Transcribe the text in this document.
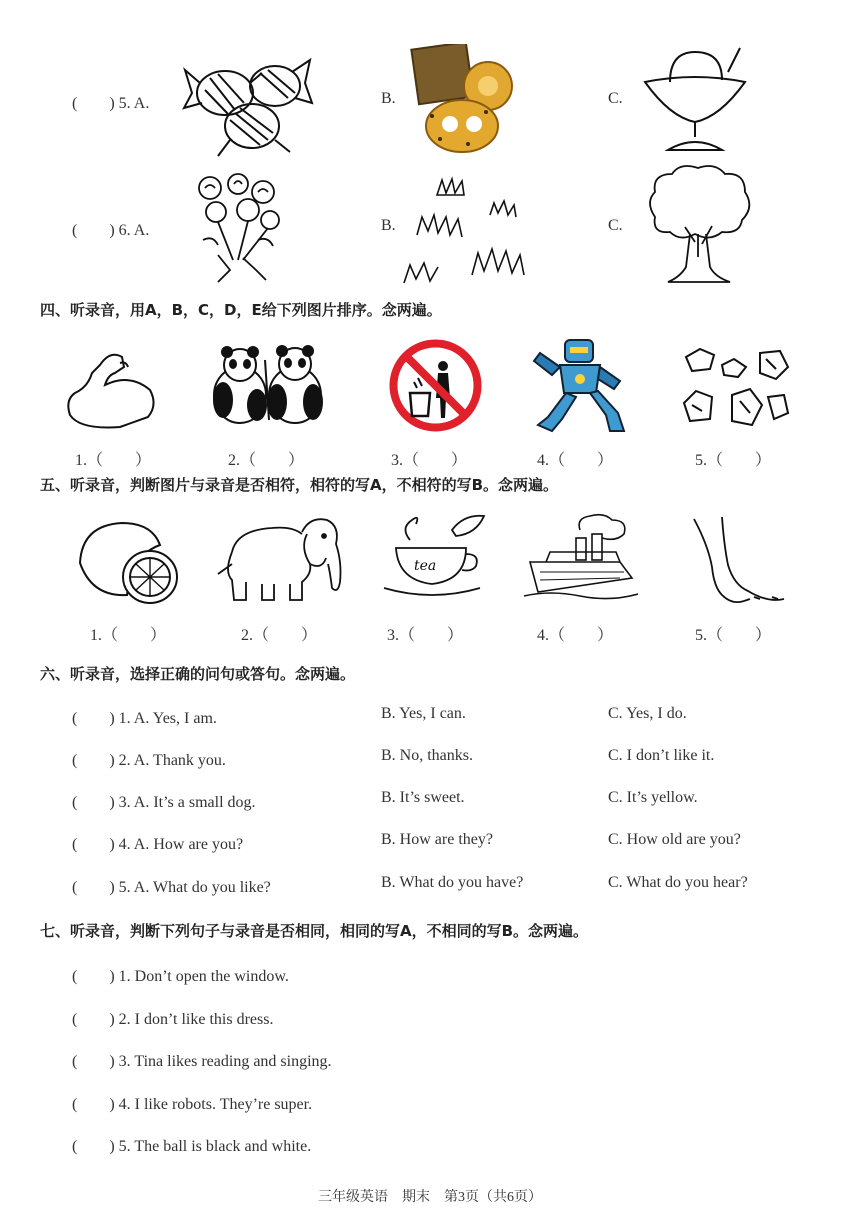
(　　) 5. A.	B.	C.
(　　) 6. A.	B.	C.
四、听录音，用A，B，C，D，E给下列图片排序。念两遍。
1.（　　）	2.（　　）	3.（　　）	4.（　　）	5.（　　）
五、听录音，判断图片与录音是否相符，相符的写A，不相符的写B。念两遍。
tea
1.（　　）	2.（　　）	3.（　　）	4.（　　）	5.（　　）
六、听录音，选择正确的问句或答句。念两遍。
(　　) 1. A. Yes, I am.	B. Yes, I can.	C. Yes, I do.
(　　) 2. A. Thank you.	B. No, thanks.	C. I don’t like it.
(　　) 3. A. It’s a small dog.	B. It’s sweet.	C. It’s yellow.
(　　) 4. A. How are you?	B. How are they?	C. How old are you?
(　　) 5. A. What do you like?	B. What do you have?	C. What do you hear?
七、听录音，判断下列句子与录音是否相同，相同的写A，不相同的写B。念两遍。
(　　) 1. Don’t open the window.
(　　) 2. I don’t like this dress.
(　　) 3. Tina likes reading and singing.
(　　) 4. I like robots. They’re super.
(　　) 5. The ball is black and white.
三年级英语　期末　第3页（共6页）
